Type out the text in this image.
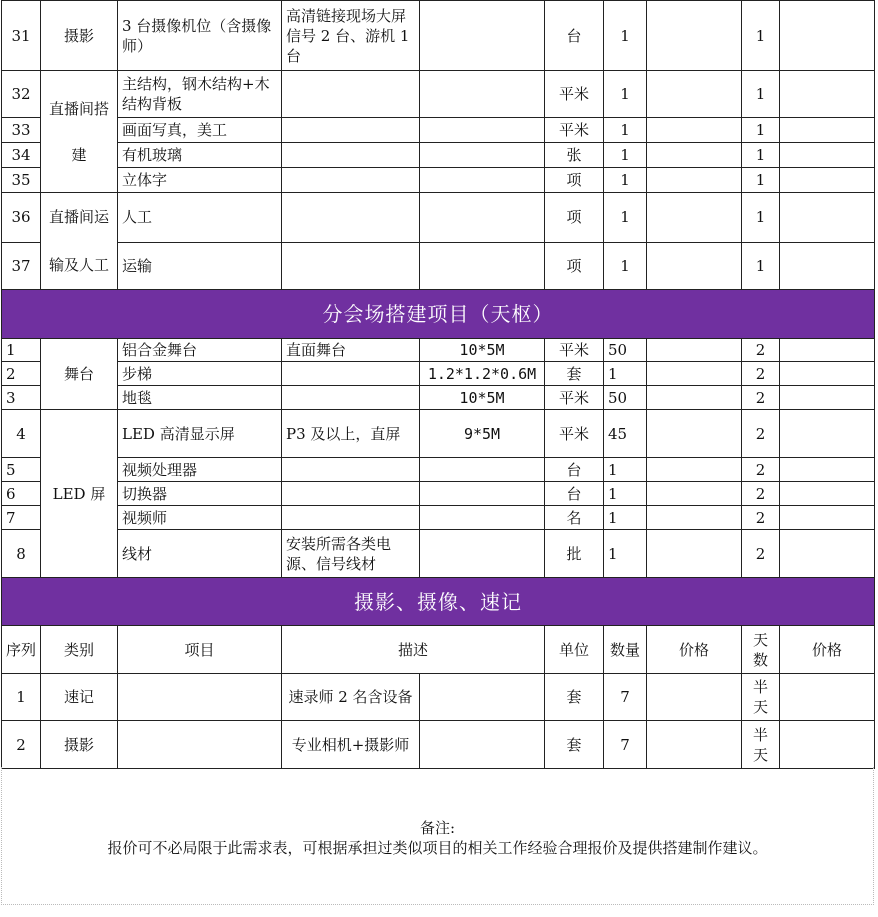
31	摄影	3 台摄像机位（含摄像师）	高清链接现场大屏信号 2 台、游机 1 台		台	1		1	
32	直播间搭建	主结构，钢木结构+木结构背板			平米	1		1	
33		画面写真，美工			平米	1		1	
34		有机玻璃			张	1		1	
35		立体字			项	1		1	
36	直播间运输及人工	人工			项	1		1	
37		运输			项	1		1	
分会场搭建项目（天枢）									
1	舞台	铝合金舞台	直面舞台	10*5M	平米	50		2	
2		步梯		1.2*1.2*0.6M	套	1		2	
3		地毯		10*5M	平米	50		2	
4	LED 屏	LED 高清显示屏	P3 及以上，直屏	9*5M	平米	45		2	
5		视频处理器			台	1		2	
6		切换器			台	1		2	
7		视频师			名	1		2	
8		线材	安装所需各类电源、信号线材		批	1		2	
摄影、摄像、速记									
序列	类别	项目	描述		单位	数量	价格	天数	价格
1	速记		速录师 2 名含设备		套	7		半天	
2	摄影		专业相机+摄影师		套	7		半天	
备注:
报价可不必局限于此需求表，可根据承担过类似项目的相关工作经验合理报价及提供搭建制作建议。
